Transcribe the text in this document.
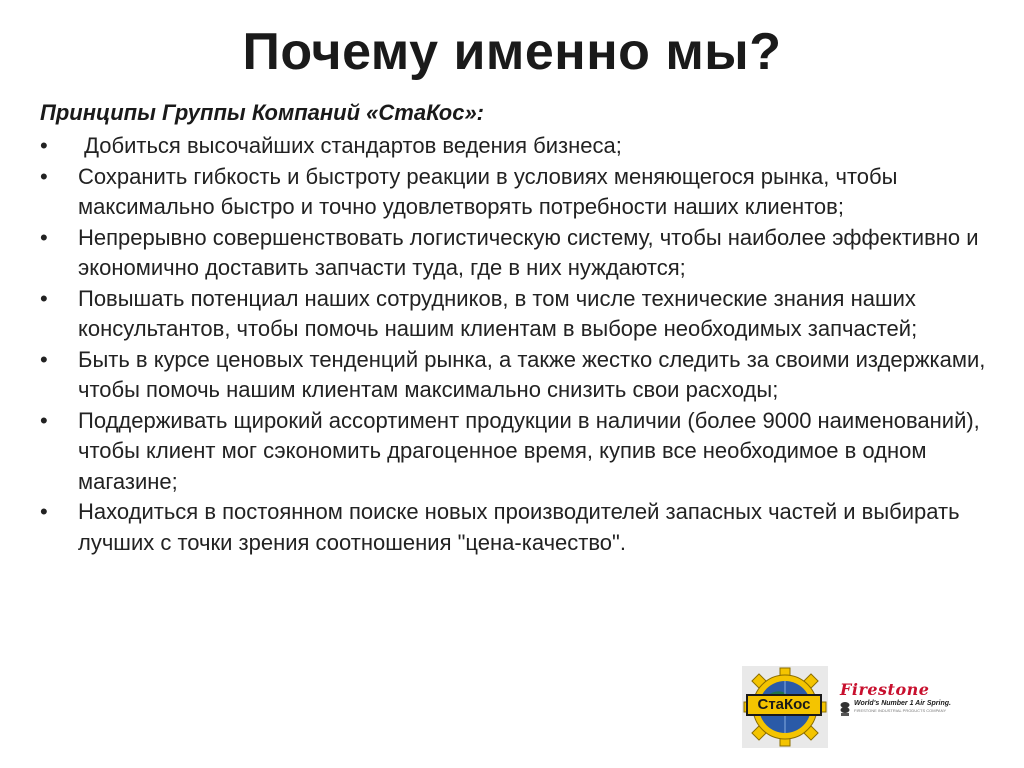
Почему именно мы?
Принципы Группы Компаний «СтаКос»:
• Добиться высочайших стандартов ведения бизнеса;
• Сохранить гибкость и быстроту реакции в условиях меняющегося рынка, чтобы максимально быстро и точно удовлетворять потребности наших клиентов;
• Непрерывно совершенствовать логистическую систему, чтобы наиболее эффективно и экономично доставить запчасти туда, где в них нуждаются;
• Повышать потенциал наших сотрудников, в том числе технические знания наших консультантов, чтобы помочь нашим клиентам в выборе необходимых запчастей;
• Быть в курсе ценовых тенденций рынка, а также жестко следить за своими издержками, чтобы помочь нашим клиентам максимально снизить свои расходы;
• Поддерживать щирокий ассортимент продукции в наличии (более 9000 наименований), чтобы клиент мог сэкономить драгоценное время, купив все необходимое в одном магазине;
• Находиться в постоянном поиске новых производителей запасных частей и выбирать лучших с точки зрения соотношения "цена-качество".
СтаКос
Firestone
World's Number 1 Air Spring.
FIRESTONE INDUSTRIAL PRODUCTS COMPANY
